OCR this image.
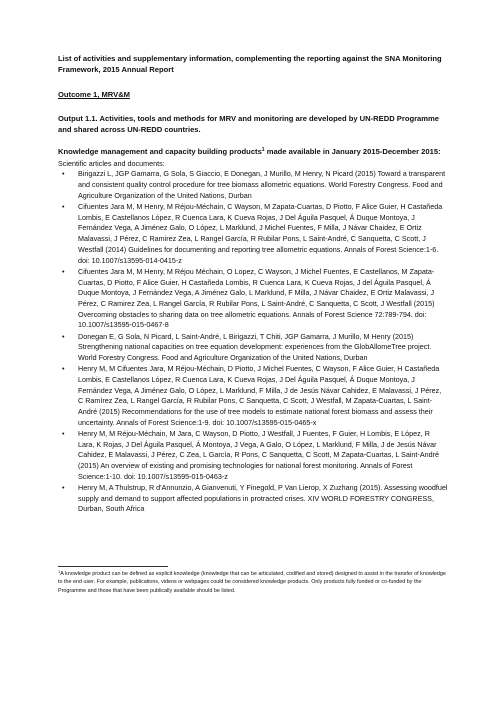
List of activities and supplementary information, complementing the reporting against the SNA Monitoring Framework, 2015 Annual Report

Outcome 1, MRV&M
Output 1.1. Activities, tools and methods for MRV and monitoring are developed by UN-REDD Programme and shared across UN-REDD countries.
Knowledge management and capacity building products$^1$ made available in January 2015-December 2015:
Scientific articles and documents:
• Birigazzi L, JGP Gamarra, G Sola, S Giaccio, E Donegan, J Murillo, M Henry, N Picard (2015) Toward a transparent and consistent quality control procedure for tree biomass allometric equations. World Forestry Congress. Food and Agriculture Organization of the United Nations, Durban
• Cifuentes Jara M, M Henry, M Réjou-Méchain, C Wayson, M Zapata-Cuartas, D Piotto, F Alice Guier, H Castañeda Lombis, E Castellanos López, R Cuenca Lara, K Cueva Rojas, J Del Águila Pasquel, Á Duque Montoya, J Fernández Vega, A Jiménez Galo, O López, L Marklund, J Michel Fuentes, F Milla, J Návar Chaidez, E Ortiz Malavassi, J Pérez, C Ramirez Zea, L Rangel García, R Rubilar Pons, L Saint-André, C Sanquetta, C Scott, J Westfall (2014) Guidelines for documenting and reporting tree allometric equations. Annals of Forest Science:1-6. doi: 10.1007/s13595-014-0415-z
• Cifuentes Jara M, M Henry, M Réjou Méchain, O Lopez, C Wayson, J Michel Fuentes, E Castellanos, M Zapata-Cuartas, D Piotto, F Alice Guier, H Castañeda Lombis, R Cuenca Lara, K Cueva Rojas, J del Águila Pasquel, Á Duque Montoya, J Fernández Vega, A Jiménez Galo, L Marklund, F Milla, J Návar Chaidez, E Ortiz Malavassi, J Pérez, C Ramirez Zea, L Rangel García, R Rubilar Pons, L Saint-André, C Sanquetta, C Scott, J Westfall (2015) Overcoming obstacles to sharing data on tree allometric equations. Annals of Forest Science 72:789-794. doi: 10.1007/s13595-015-0467-8
• Donegan E, G Sola, N Picard, L Saint-André, L Birigazzi, T Chiti, JGP Gamarra, J Murillo, M Henry (2015) Strengthening national capacities on tree equation development: experiences from the GlobAllomeTree project. World Forestry Congress. Food and Agriculture Organization of the United Nations, Durban
• Henry M, M Cifuentes Jara, M Réjou-Méchain, D Piotto, J Michel Fuentes, C Wayson, F Alice Guier, H Castañeda Lombis, E Castellanos López, R Cuenca Lara, K Cueva Rojas, J Del Águila Pasquel, Á Duque Montoya, J Fernández Vega, A Jiménez Galo, O López, L Marklund, F Milla, J de Jesús Návar Cahidez, E Malavassi, J Pérez, C Ramírez Zea, L Rangel García, R Rubilar Pons, C Sanquetta, C Scott, J Westfall, M Zapata-Cuartas, L Saint-André (2015) Recommendations for the use of tree models to estimate national forest biomass and assess their uncertainty. Annals of Forest Science:1-9. doi: 10.1007/s13595-015-0465-x
• Henry M, M Réjou-Méchain, M Jara, C Wayson, D Piotto, J Westfall, J Fuentes, F Guier, H Lombis, E López, R Lara, K Rojas, J Del Águila Pasquel, Á Montoya, J Vega, A Galo, O López, L Marklund, F Milla, J de Jesús Návar Cahidez, E Malavassi, J Pérez, C Zea, L García, R Pons, C Sanquetta, C Scott, M Zapata-Cuartas, L Saint-André (2015) An overview of existing and promising technologies for national forest monitoring. Annals of Forest Science:1-10. doi: 10.1007/s13595-015-0463-z
• Henry M, A Thulstrup, R d'Annunzio, A Gianvenuti, Y Finegold, P Van Lierop, X Zuzhang (2015). Assessing woodfuel supply and demand to support affected populations in protracted crises. XIV WORLD FORESTRY CONGRESS, Durban, South Africa
$^1$A knowledge product can be defined as explicit knowledge (knowledge that can be articulated, codified and stored) designed to assist in the transfer of knowledge to the end user. For example, publications, videos or webpages could be considered knowledge products. Only products fully funded or co-funded by the Programme and those that have been publically available should be listed.
